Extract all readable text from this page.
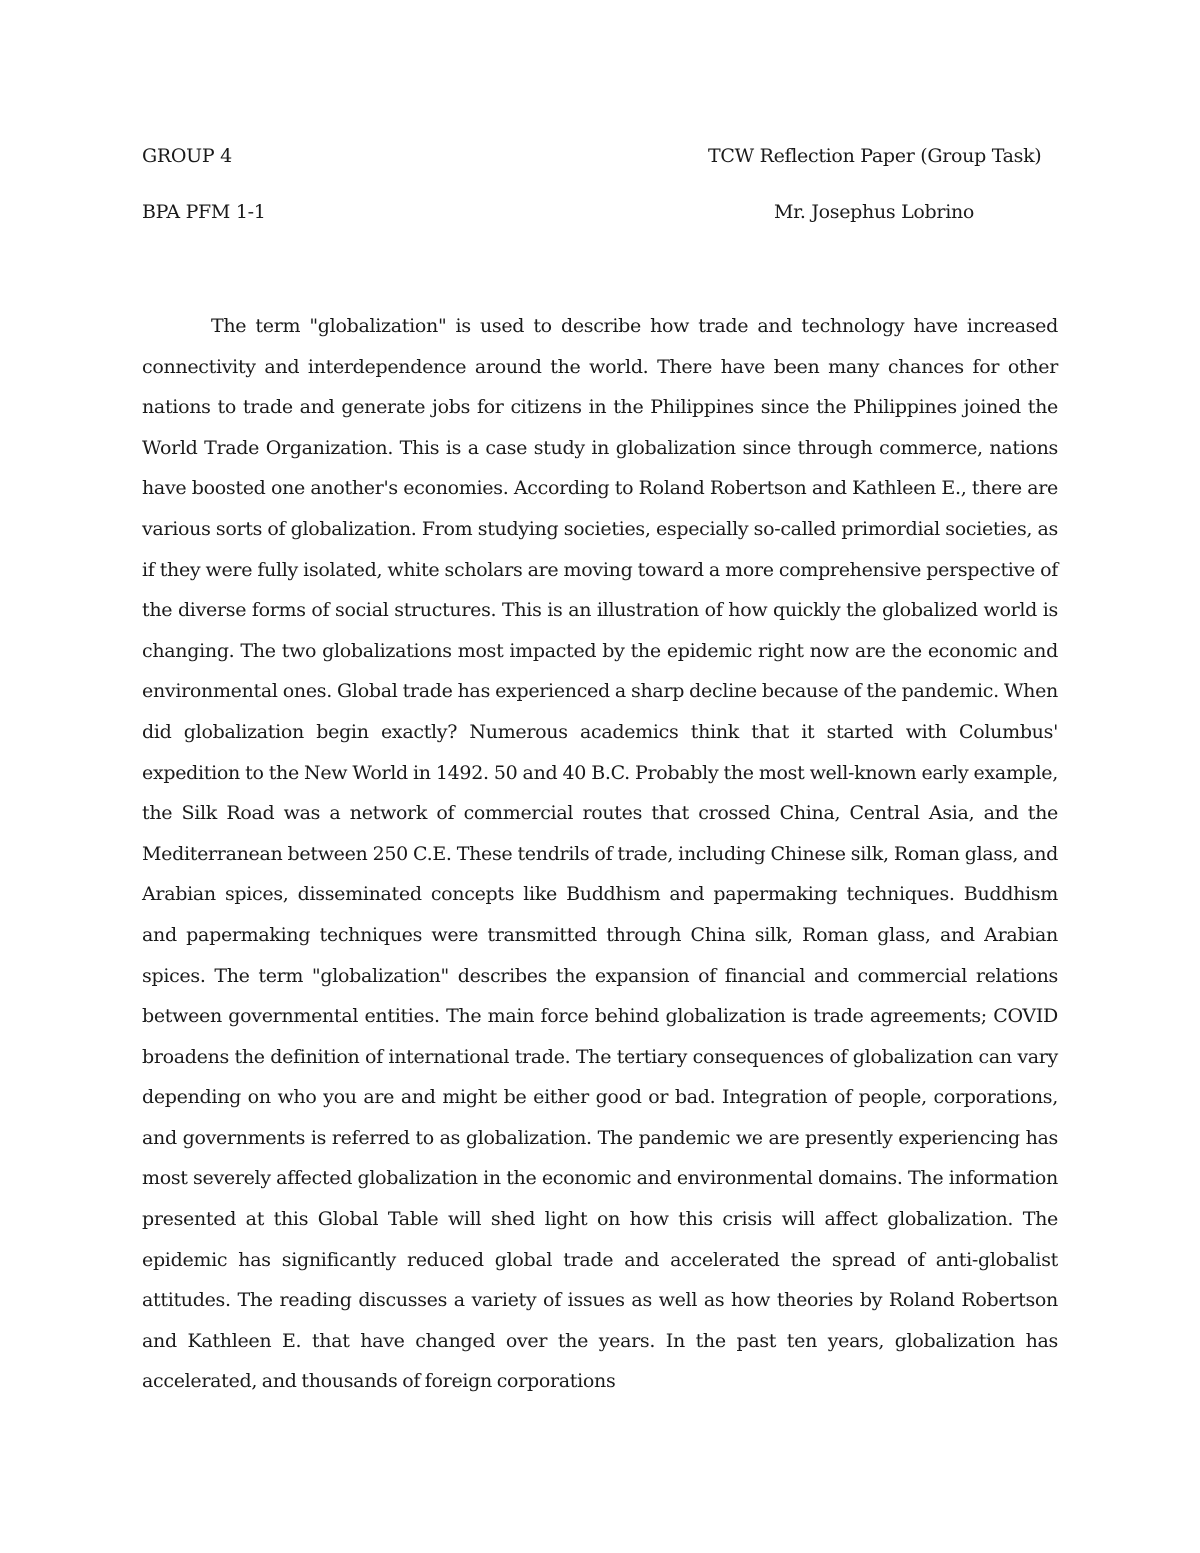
GROUP 4	TCW Reflection Paper (Group Task)
BPA PFM 1-1	Mr. Josephus Lobrino

The term "globalization" is used to describe how trade and technology have increased connectivity and interdependence around the world. There have been many chances for other nations to trade and generate jobs for citizens in the Philippines since the Philippines joined the World Trade Organization. This is a case study in globalization since through commerce, nations have boosted one another's economies. According to Roland Robertson and Kathleen E., there are various sorts of globalization. From studying societies, especially so-called primordial societies, as if they were fully isolated, white scholars are moving toward a more comprehensive perspective of the diverse forms of social structures. This is an illustration of how quickly the globalized world is changing. The two globalizations most impacted by the epidemic right now are the economic and environmental ones. Global trade has experienced a sharp decline because of the pandemic. When did globalization begin exactly? Numerous academics think that it started with Columbus' expedition to the New World in 1492. 50 and 40 B.C. Probably the most well-known early example, the Silk Road was a network of commercial routes that crossed China, Central Asia, and the Mediterranean between 250 C.E. These tendrils of trade, including Chinese silk, Roman glass, and Arabian spices, disseminated concepts like Buddhism and papermaking techniques. Buddhism and papermaking techniques were transmitted through China silk, Roman glass, and Arabian spices. The term "globalization" describes the expansion of financial and commercial relations between governmental entities. The main force behind globalization is trade agreements; COVID broadens the definition of international trade. The tertiary consequences of globalization can vary depending on who you are and might be either good or bad. Integration of people, corporations, and governments is referred to as globalization. The pandemic we are presently experiencing has most severely affected globalization in the economic and environmental domains. The information presented at this Global Table will shed light on how this crisis will affect globalization. The epidemic has significantly reduced global trade and accelerated the spread of anti-globalist attitudes. The reading discusses a variety of issues as well as how theories by Roland Robertson and Kathleen E. that have changed over the years. In the past ten years, globalization has accelerated, and thousands of foreign corporations
